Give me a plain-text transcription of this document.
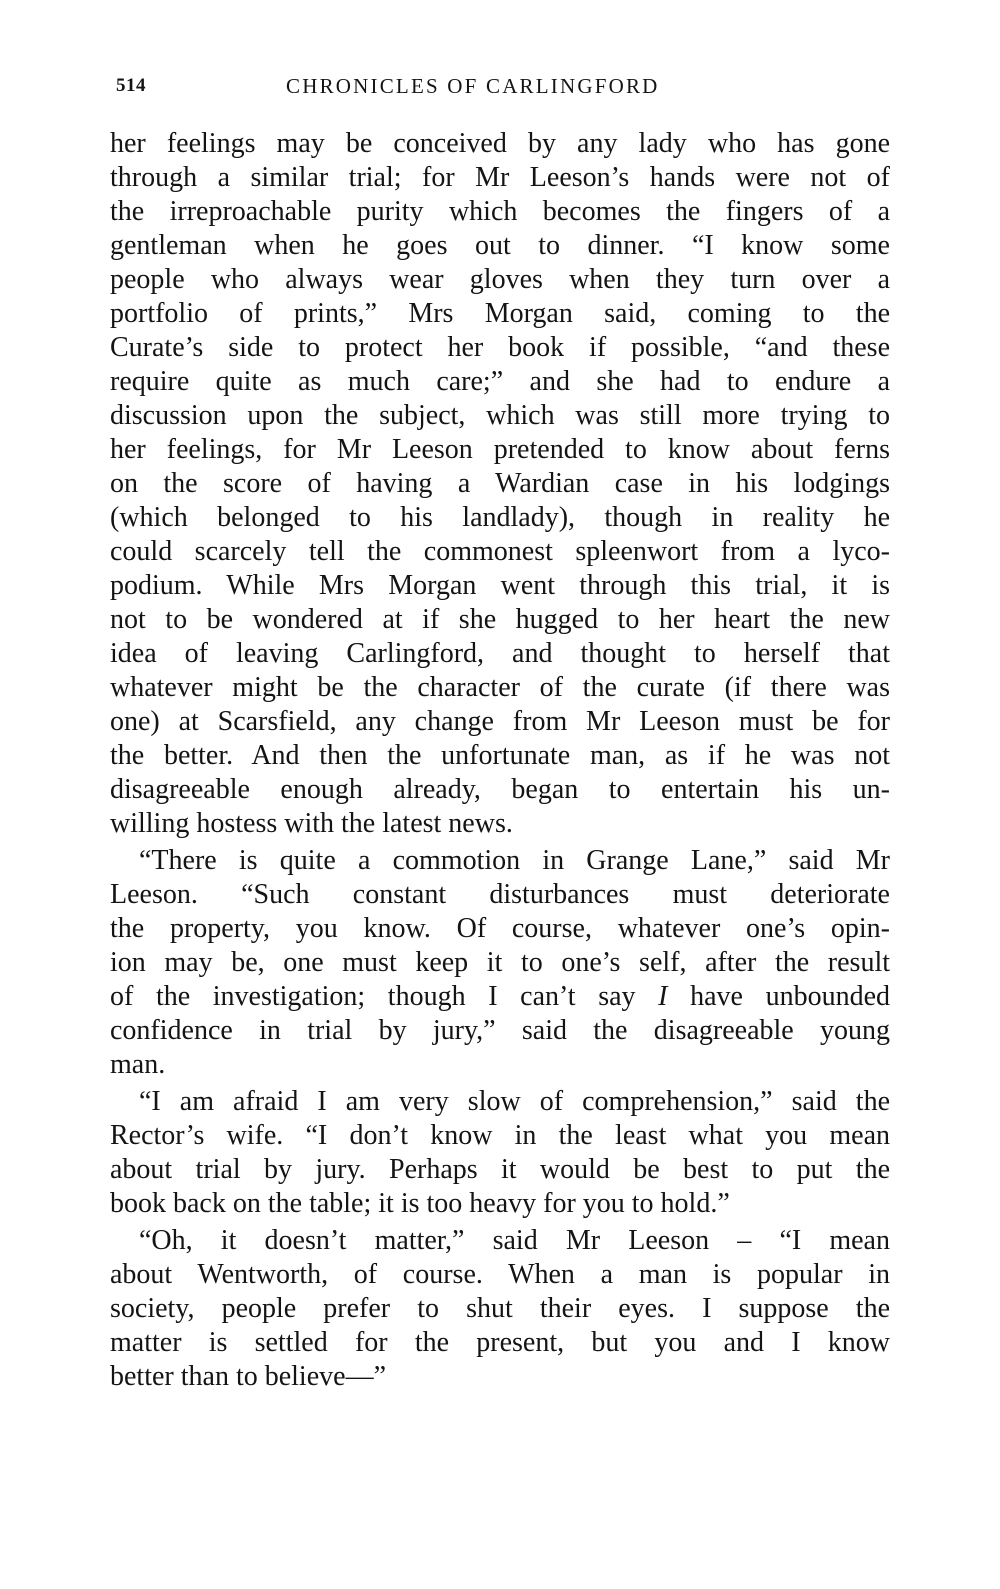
514	CHRONICLES OF CARLINGFORD
her feelings may be conceived by any lady who has gone
through a similar trial; for Mr Leeson’s hands were not of
the irreproachable purity which becomes the fingers of a
gentleman when he goes out to dinner. “I know some
people who always wear gloves when they turn over a
portfolio of prints,” Mrs Morgan said, coming to the
Curate’s side to protect her book if possible, “and these
require quite as much care;” and she had to endure a
discussion upon the subject, which was still more trying to
her feelings, for Mr Leeson pretended to know about ferns
on the score of having a Wardian case in his lodgings
(which belonged to his landlady), though in reality he
could scarcely tell the commonest spleenwort from a lyco-
podium. While Mrs Morgan went through this trial, it is
not to be wondered at if she hugged to her heart the new
idea of leaving Carlingford, and thought to herself that
whatever might be the character of the curate (if there was
one) at Scarsfield, any change from Mr Leeson must be for
the better. And then the unfortunate man, as if he was not
disagreeable enough already, began to entertain his un-
willing hostess with the latest news.
“There is quite a commotion in Grange Lane,” said Mr
Leeson. “Such constant disturbances must deteriorate
the property, you know. Of course, whatever one’s opin-
ion may be, one must keep it to one’s self, after the result
of the investigation; though I can’t say I have unbounded
confidence in trial by jury,” said the disagreeable young
man.
“I am afraid I am very slow of comprehension,” said the
Rector’s wife. “I don’t know in the least what you mean
about trial by jury. Perhaps it would be best to put the
book back on the table; it is too heavy for you to hold.”
“Oh, it doesn’t matter,” said Mr Leeson – “I mean
about Wentworth, of course. When a man is popular in
society, people prefer to shut their eyes. I suppose the
matter is settled for the present, but you and I know
better than to believe—”
